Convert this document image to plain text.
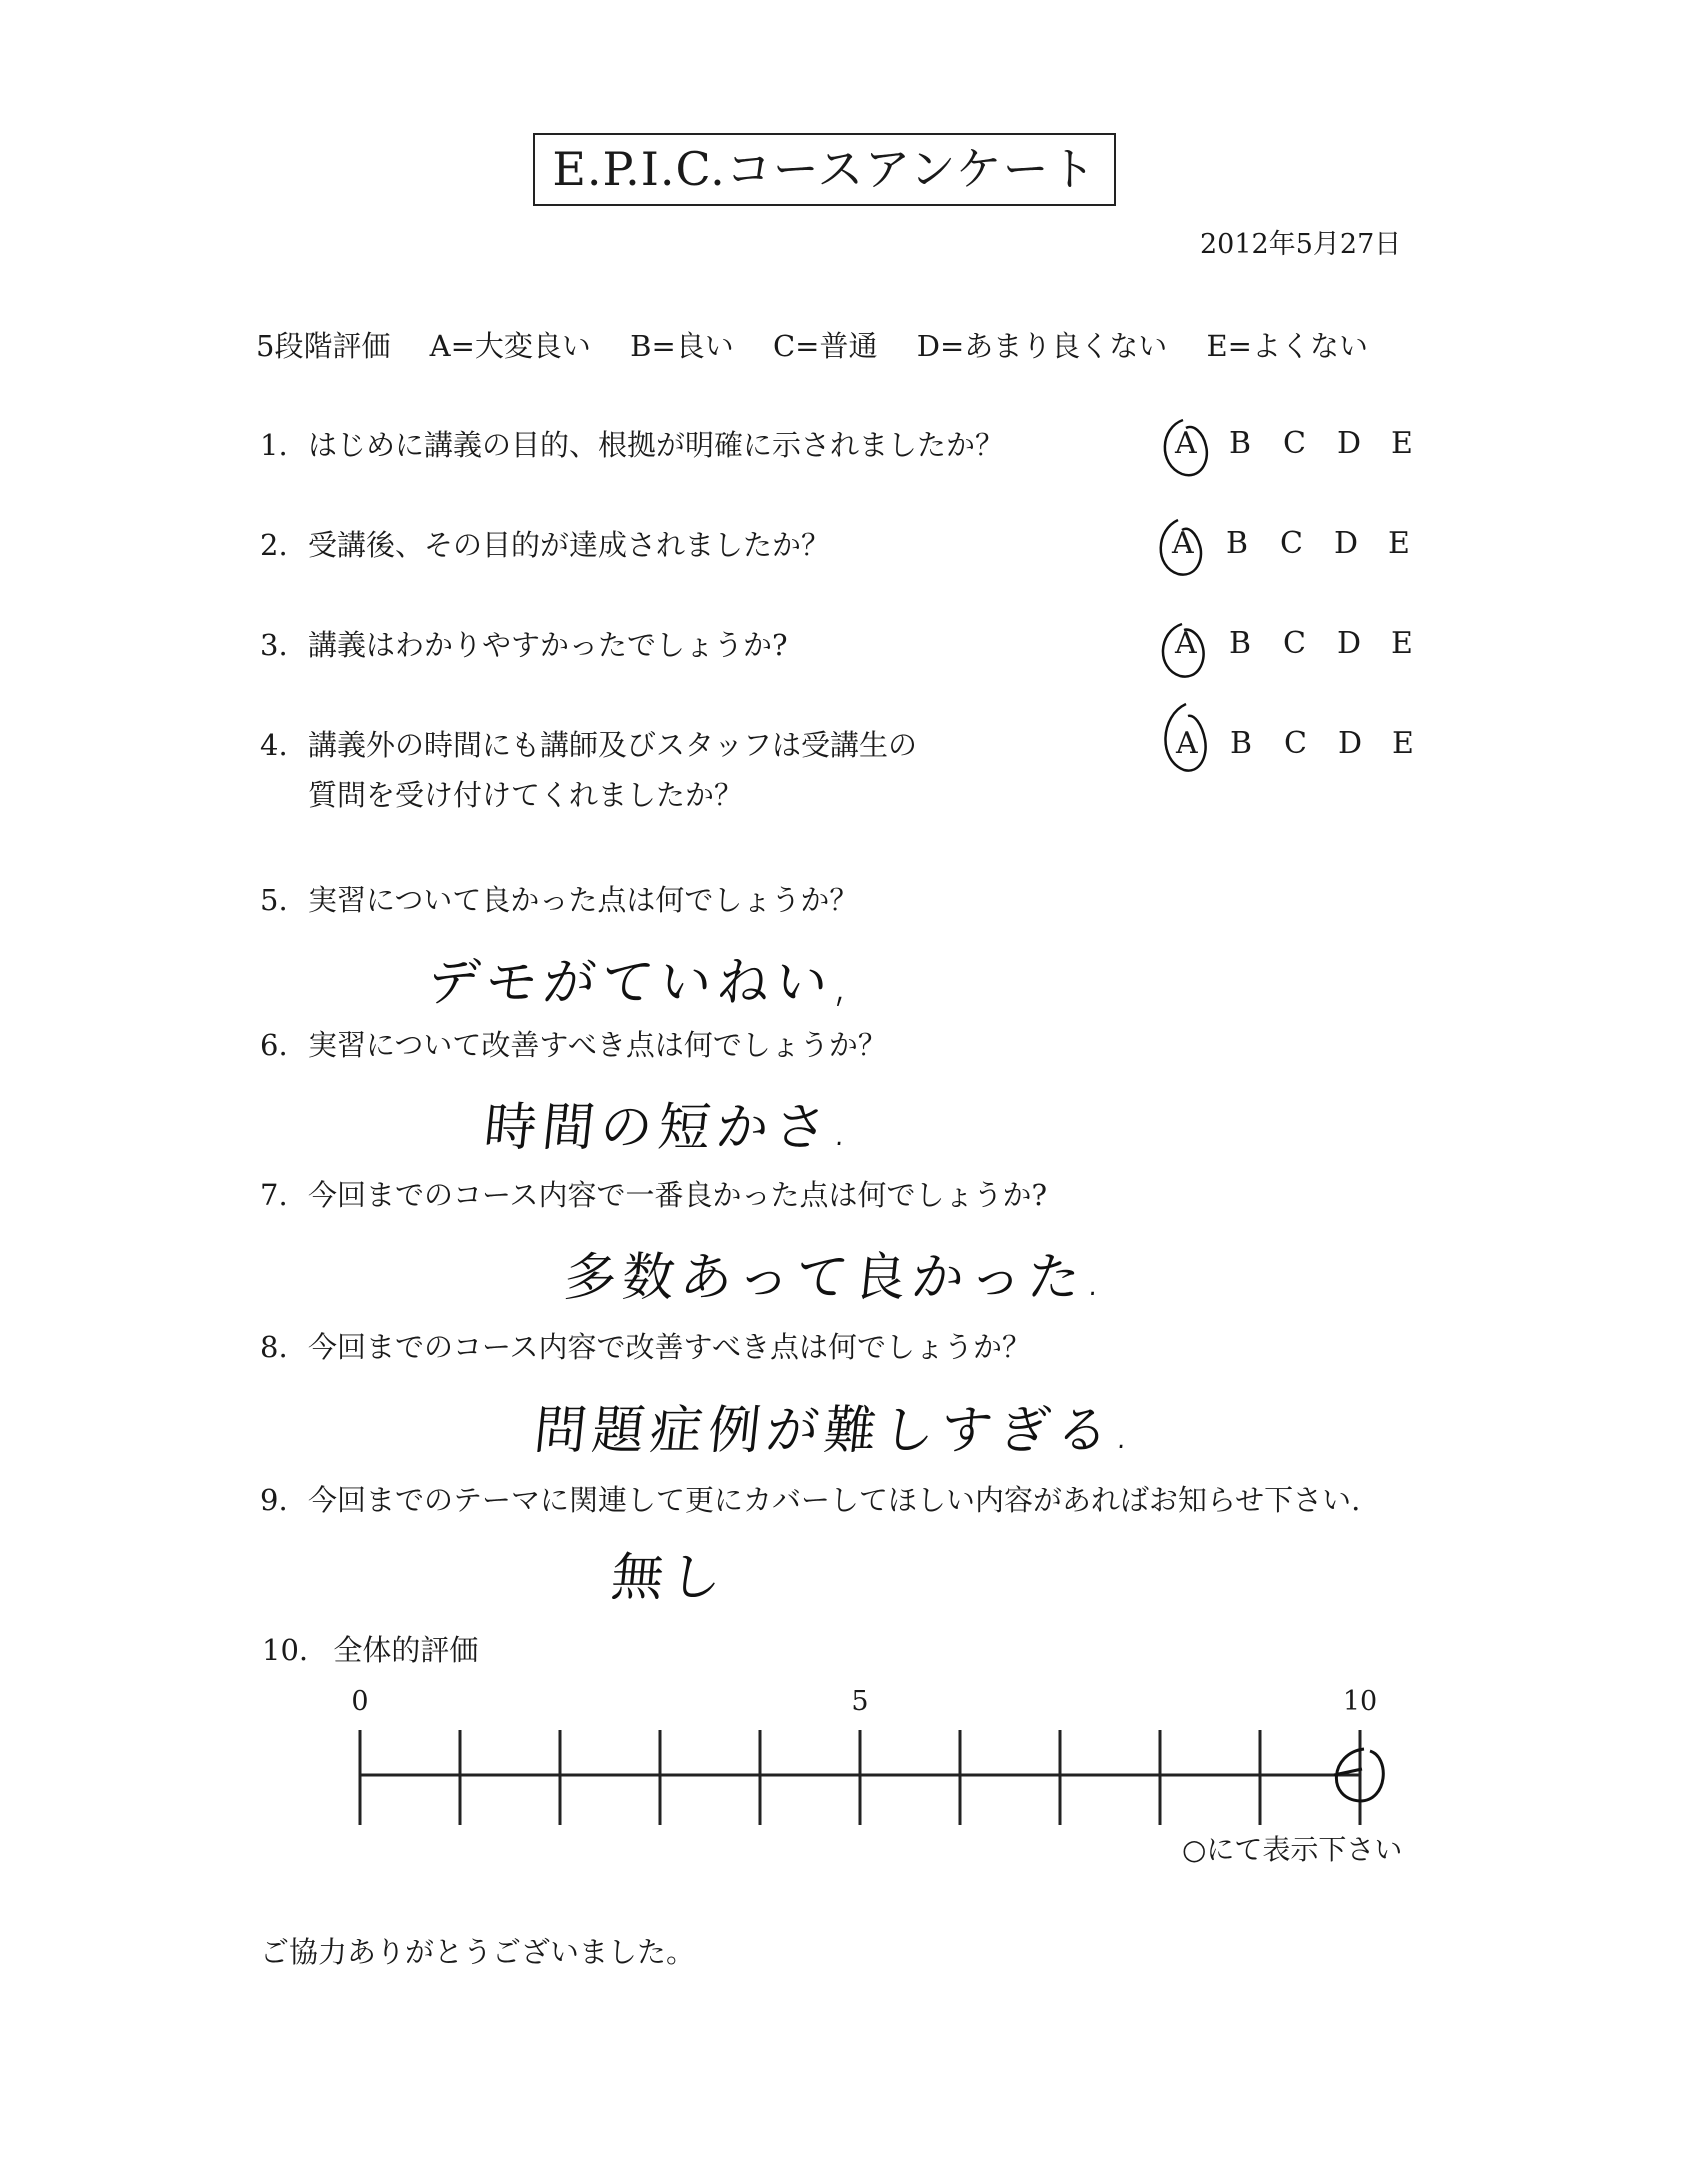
E.P.I.C.コースアンケート
2012年5月27日
5段階評価 A=大変良い B=良い C=普通 D=あまり良くない E=よくない
1. はじめに講義の目的、根拠が明確に示されましたか？
2. 受講後、その目的が達成されましたか？
3. 講義はわかりやすかったでしょうか?
4. 講義外の時間にも講師及びスタッフは受講生の
質問を受け付けてくれましたか？
A B C D E
A B C D E
A B C D E
A B C D E
5. 実習について良かった点は何でしょうか？
デモがていねい,
6. 実習について改善すべき点は何でしょうか？
時間の短かさ.
7. 今回までのコース内容で一番良かった点は何でしょうか?
多数あって良かった.
8. 今回までのコース内容で改善すべき点は何でしょうか？
問題症例が難しすぎる.
9. 今回までのテーマに関連して更にカバーしてほしい内容があればお知らせ下さい.
無し
10. 全体的評価
0	5	10
○にて表示下さい
ご協力ありがとうございました。
